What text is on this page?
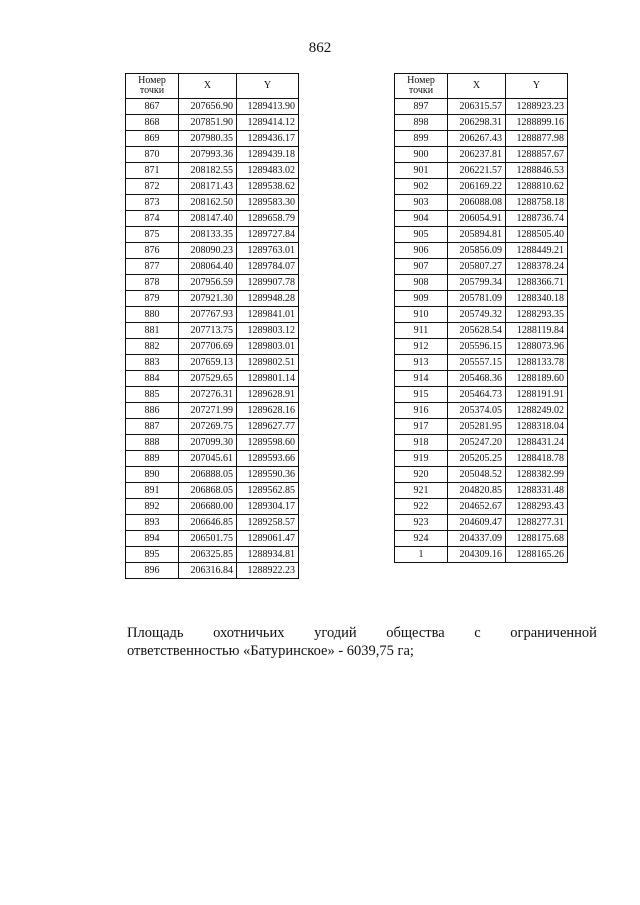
862
Номер точки	X	Y
867	207656.90	1289413.90
868	207851.90	1289414.12
869	207980.35	1289436.17
870	207993.36	1289439.18
871	208182.55	1289483.02
872	208171.43	1289538.62
873	208162.50	1289583.30
874	208147.40	1289658.79
875	208133.35	1289727.84
876	208090.23	1289763.01
877	208064.40	1289784.07
878	207956.59	1289907.78
879	207921.30	1289948.28
880	207767.93	1289841.01
881	207713.75	1289803.12
882	207706.69	1289803.01
883	207659.13	1289802.51
884	207529.65	1289801.14
885	207276.31	1289628.91
886	207271.99	1289628.16
887	207269.75	1289627.77
888	207099.30	1289598.60
889	207045.61	1289593.66
890	206888.05	1289590.36
891	206868.05	1289562.85
892	206680.00	1289304.17
893	206646.85	1289258.57
894	206501.75	1289061.47
895	206325.85	1288934.81
896	206316.84	1288922.23
Номер точки	X	Y
897	206315.57	1288923.23
898	206298.31	1288899.16
899	206267.43	1288877.98
900	206237.81	1288857.67
901	206221.57	1288846.53
902	206169.22	1288810.62
903	206088.08	1288758.18
904	206054.91	1288736.74
905	205894.81	1288505.40
906	205856.09	1288449.21
907	205807.27	1288378.24
908	205799.34	1288366.71
909	205781.09	1288340.18
910	205749.32	1288293.35
911	205628.54	1288119.84
912	205596.15	1288073.96
913	205557.15	1288133.78
914	205468.36	1288189.60
915	205464.73	1288191.91
916	205374.05	1288249.02
917	205281.95	1288318.04
918	205247.20	1288431.24
919	205205.25	1288418.78
920	205048.52	1288382.99
921	204820.85	1288331.48
922	204652.67	1288293.43
923	204609.47	1288277.31
924	204337.09	1288175.68
1	204309.16	1288165.26
Площадь охотничьих угодий общества с ограниченной
ответственностью «Батуринское» - 6039,75 га;
